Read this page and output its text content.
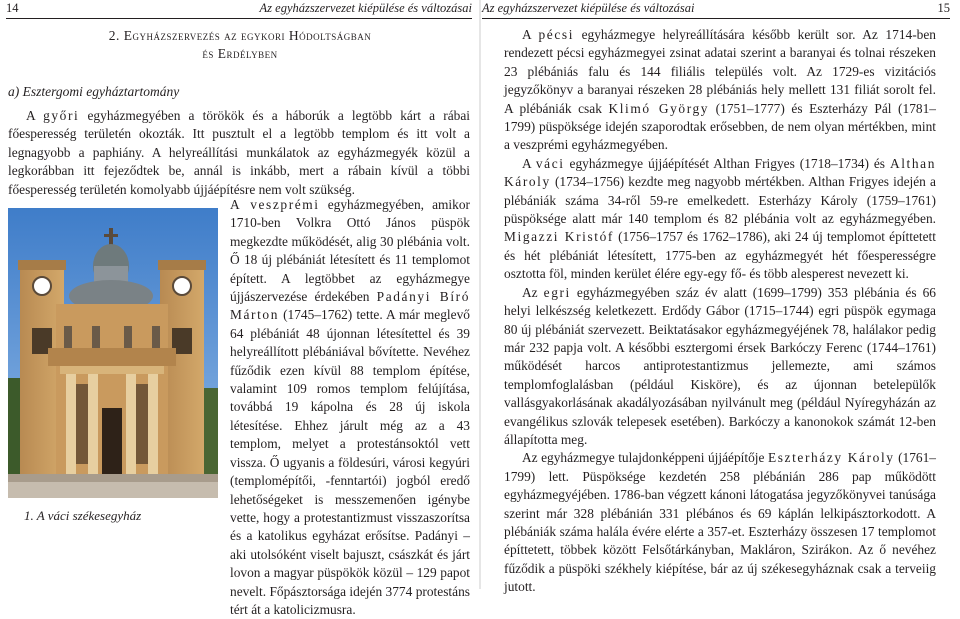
14	Az egyházszervezet kiépülése és változásai
2. Egyházszervezés az egykori Hódoltságban
és Erdélyben
a) Esztergomi egyháztartomány
A győri egyházmegyében a törökök és a háborúk a legtöbb kárt a rábai főesperesség területén okozták. Itt pusztult el a legtöbb templom és itt volt a legnagyobb a paphiány. A helyreállítási munkálatok az egyházmegyék közül a legkorábban itt fejeződtek be, annál is inkább, mert a rábain kívül a többi főesperesség területén komolyabb újjáépítésre nem volt szükség.
A veszprémi egyházmegyében, amikor 1710-ben Volkra Ottó János püspök megkezdte működését, alig 30 plébánia volt. Ő 18 új plébániát létesített és 11 templomot épített. A legtöbbet az egyházmegye újjászervezése érdekében Padányi Bíró Márton (1745–1762) tette. A már meglevő 64 plébániát 48 újonnan létesítettel és 39 helyreállított plébániával bővítette. Nevéhez fűződik ezen kívül 88 templom építése, valamint 109 romos templom felújítása, továbbá 19 kápolna és 28 új iskola létesítése. Ehhez járult még az a 43 templom, melyet a protestánsoktól vett vissza. Ő ugyanis a földesúri, városi kegyúri (templomépítői, -fenntartói) jogból eredő lehetőségeket is messzemenően igénybe vette, hogy a protestantizmust visszaszorítsa és a katolikus egyházat erősítse. Padányi – aki utolsóként viselt bajuszt, császkát és járt lovon a magyar püspökök közül – 129 papot nevelt. Főpásztorsága idején 3774 protestáns tért át a katolicizmusra.
1. A váci székesegyház
Az egyházszervezet kiépülése és változásai	15
A pécsi egyházmegye helyreállítására később került sor. Az 1714-ben rendezett pécsi egyházmegyei zsinat adatai szerint a baranyai és tolnai részeken 23 plébániás falu és 144 filiális település volt. Az 1729-es vizitációs jegyzőkönyv a baranyai részeken 28 plébániás hely mellett 131 filiát sorolt fel. A plébániák csak Klimó György (1751–1777) és Eszterházy Pál (1781–1799) püspöksége idején szaporodtak erősebben, de nem olyan mértékben, mint a veszprémi egyházmegyében.
A váci egyházmegye újjáépítését Althan Frigyes (1718–1734) és Althan Károly (1734–1756) kezdte meg nagyobb mértékben. Althan Frigyes idején a plébániák száma 34-ről 59-re emelkedett. Esterházy Károly (1759–1761) püspöksége alatt már 140 templom és 82 plébánia volt az egyházmegyében. Migazzi Kristóf (1756–1757 és 1762–1786), aki 24 új templomot építtetett és hét plébániát létesített, 1775-ben az egyházmegyét hét főesperességre osztotta föl, minden kerület élére egy-egy fő- és több alesperest nevezett ki.
Az egri egyházmegyében száz év alatt (1699–1799) 353 plébánia és 66 helyi lelkészség keletkezett. Erdődy Gábor (1715–1744) egri püspök egymaga 80 új plébániát szervezett. Beiktatásakor egyházmegyéjének 78, halálakor pedig már 232 papja volt. A későbbi esztergomi érsek Barkóczy Ferenc (1744–1761) működését harcos antiprotestantizmus jellemezte, ami számos templomfoglalásban (például Kisköre), és az újonnan betelepülők vallásgyakorlásának akadályozásában nyilvánult meg (például Nyíregyházán az evangélikus szlovák telepesek esetében). Barkóczy a kanonokok számát 12-ben állapította meg.
Az egyházmegye tulajdonképpeni újjáépítője Eszterházy Károly (1761–1799) lett. Püspöksége kezdetén 258 plébánián 286 pap működött egyházmegyéjében. 1786-ban végzett kánoni látogatása jegyzőkönyvei tanúsága szerint már 328 plébánián 331 plébános és 69 káplán lelkipásztorkodott. A plébániák száma halála évére elérte a 357-et. Eszterházy összesen 17 templomot építtetett, többek között Felsőtárkányban, Makláron, Szirákon. Az ő nevéhez fűződik a püspöki székhely kiépítése, bár az új székesegyháznak csak a terveiig jutott.
